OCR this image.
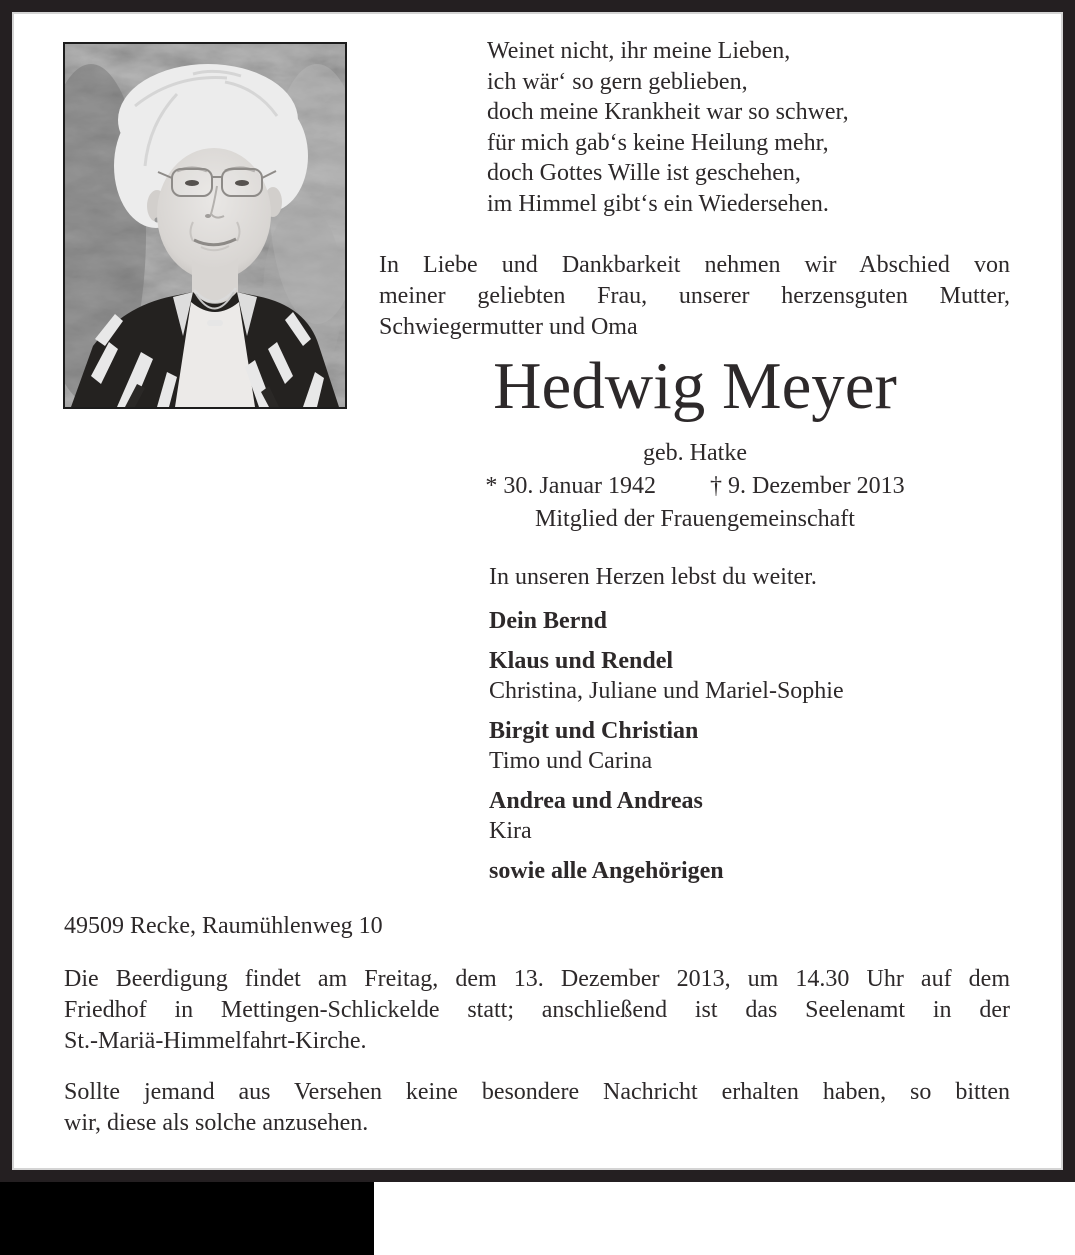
Weinet nicht, ihr meine Lieben,
ich wär‘ so gern geblieben,
doch meine Krankheit war so schwer,
für mich gab‘s keine Heilung mehr,
doch Gottes Wille ist geschehen,
im Himmel gibt‘s ein Wiedersehen.
In Liebe und Dankbarkeit nehmen wir Abschied von
meiner geliebten Frau, unserer herzensguten Mutter,
Schwiegermutter und Oma
Hedwig Meyer
geb. Hatke
* 30. Januar 1942 † 9. Dezember 2013
Mitglied der Frauengemeinschaft
In unseren Herzen lebst du weiter.
Dein Bernd
Klaus und Rendel
Christina, Juliane und Mariel-Sophie
Birgit und Christian
Timo und Carina
Andrea und Andreas
Kira
sowie alle Angehörigen
49509 Recke, Raumühlenweg 10
Die Beerdigung findet am Freitag, dem 13. Dezember 2013, um 14.30 Uhr auf dem
Friedhof in Mettingen-Schlickelde statt; anschließend ist das Seelenamt in der
St.-Mariä-Himmelfahrt-Kirche.
Sollte jemand aus Versehen keine besondere Nachricht erhalten haben, so bitten
wir, diese als solche anzusehen.
